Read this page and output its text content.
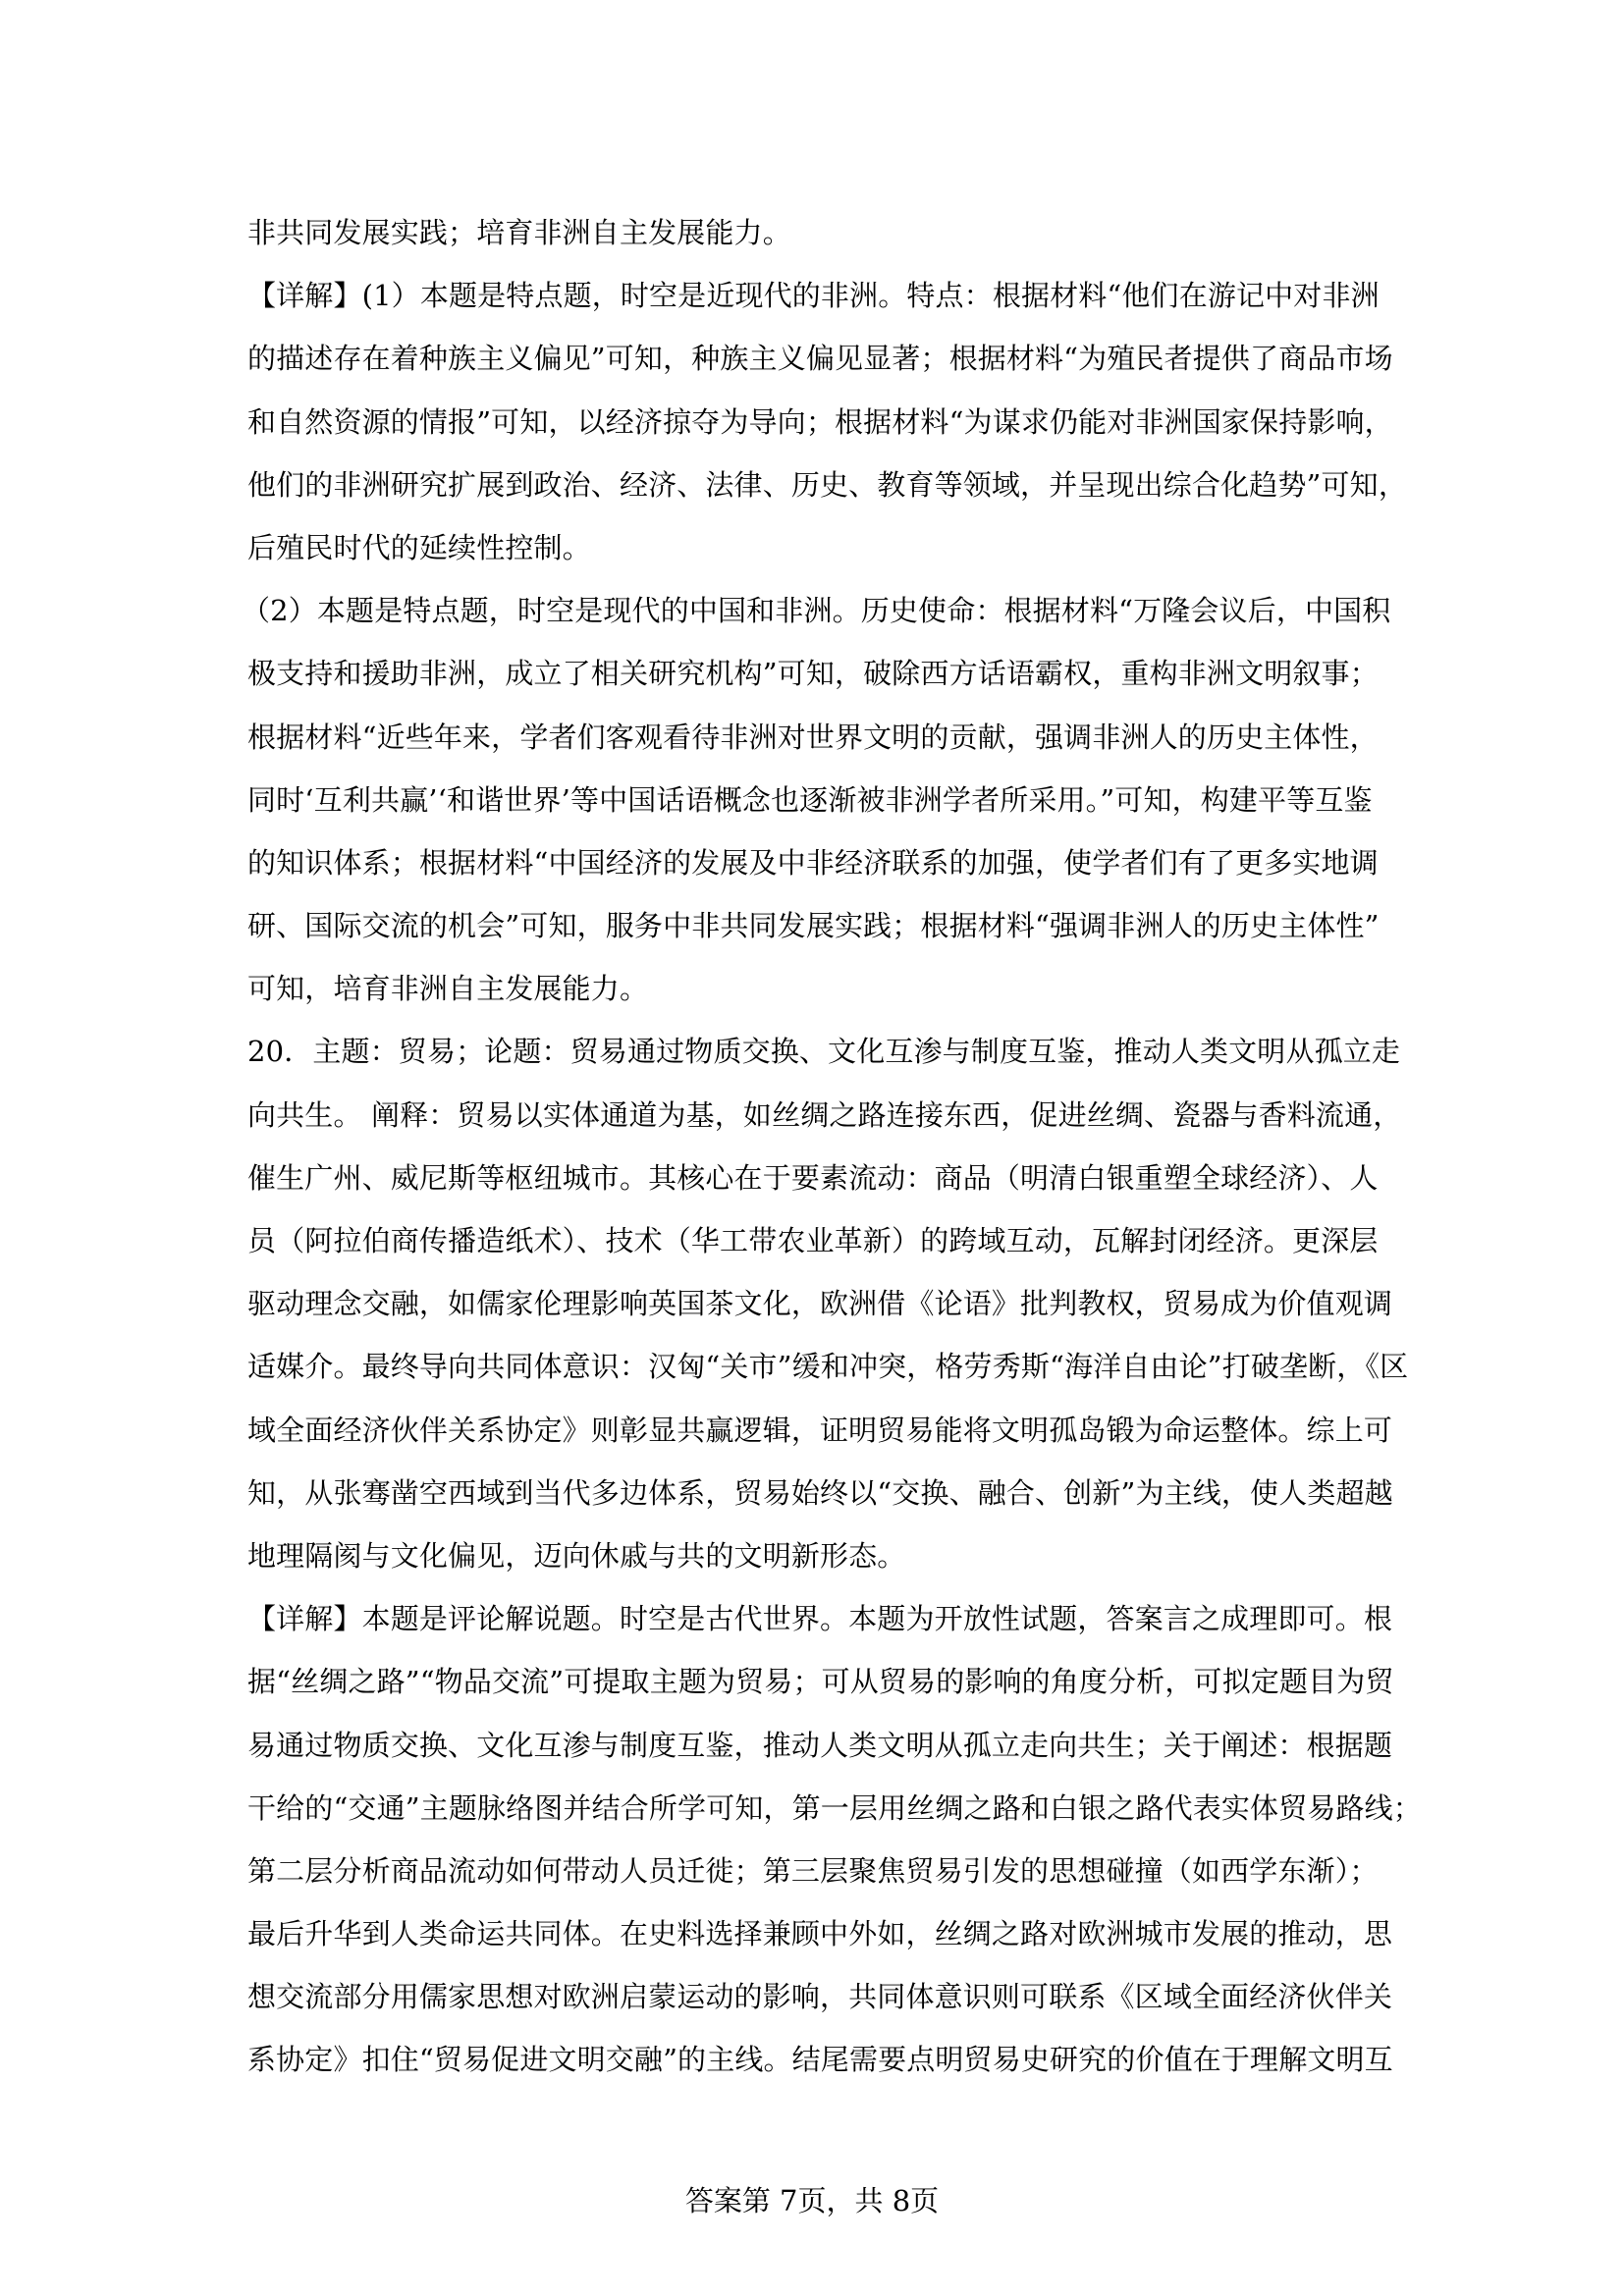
非共同发展实践；培育非洲自主发展能力。
【详解】(1）本题是特点题，时空是近现代的非洲。特点：根据材料“他们在游记中对非洲
的描述存在着种族主义偏见”可知，种族主义偏见显著；根据材料“为殖民者提供了商品市场
和自然资源的情报”可知，以经济掠夺为导向；根据材料“为谋求仍能对非洲国家保持影响，
他们的非洲研究扩展到政治、经济、法律、历史、教育等领域，并呈现出综合化趋势”可知，
后殖民时代的延续性控制。
（2）本题是特点题，时空是现代的中国和非洲。历史使命：根据材料“万隆会议后，中国积
极支持和援助非洲，成立了相关研究机构”可知，破除西方话语霸权，重构非洲文明叙事；
根据材料“近些年来，学者们客观看待非洲对世界文明的贡献，强调非洲人的历史主体性，
同时‘互利共赢’‘和谐世界’等中国话语概念也逐渐被非洲学者所采用。”可知，构建平等互鉴
的知识体系；根据材料“中国经济的发展及中非经济联系的加强，使学者们有了更多实地调
研、国际交流的机会”可知，服务中非共同发展实践；根据材料“强调非洲人的历史主体性”
可知，培育非洲自主发展能力。
20．主题：贸易；论题：贸易通过物质交换、文化互渗与制度互鉴，推动人类文明从孤立走
向共生。 阐释：贸易以实体通道为基，如丝绸之路连接东西，促进丝绸、瓷器与香料流通，
催生广州、威尼斯等枢纽城市。其核心在于要素流动：商品（明清白银重塑全球经济）、人
员（阿拉伯商传播造纸术）、技术（华工带农业革新）的跨域互动，瓦解封闭经济。更深层
驱动理念交融，如儒家伦理影响英国茶文化，欧洲借《论语》批判教权，贸易成为价值观调
适媒介。最终导向共同体意识：汉匈“关市”缓和冲突，格劳秀斯“海洋自由论”打破垄断，《区
域全面经济伙伴关系协定》则彰显共赢逻辑，证明贸易能将文明孤岛锻为命运整体。综上可
知，从张骞凿空西域到当代多边体系，贸易始终以“交换、融合、创新”为主线，使人类超越
地理隔阂与文化偏见，迈向休戚与共的文明新形态。
【详解】本题是评论解说题。时空是古代世界。本题为开放性试题，答案言之成理即可。根
据“丝绸之路”“物品交流”可提取主题为贸易；可从贸易的影响的角度分析，可拟定题目为贸
易通过物质交换、文化互渗与制度互鉴，推动人类文明从孤立走向共生；关于阐述：根据题
干给的“交通”主题脉络图并结合所学可知，第一层用丝绸之路和白银之路代表实体贸易路线；
第二层分析商品流动如何带动人员迁徙；第三层聚焦贸易引发的思想碰撞（如西学东渐）；
最后升华到人类命运共同体。在史料选择兼顾中外如，丝绸之路对欧洲城市发展的推动，思
想交流部分用儒家思想对欧洲启蒙运动的影响，共同体意识则可联系《区域全面经济伙伴关
系协定》扣住“贸易促进文明交融”的主线。结尾需要点明贸易史研究的价值在于理解文明互
答案第 7页，共 8页
